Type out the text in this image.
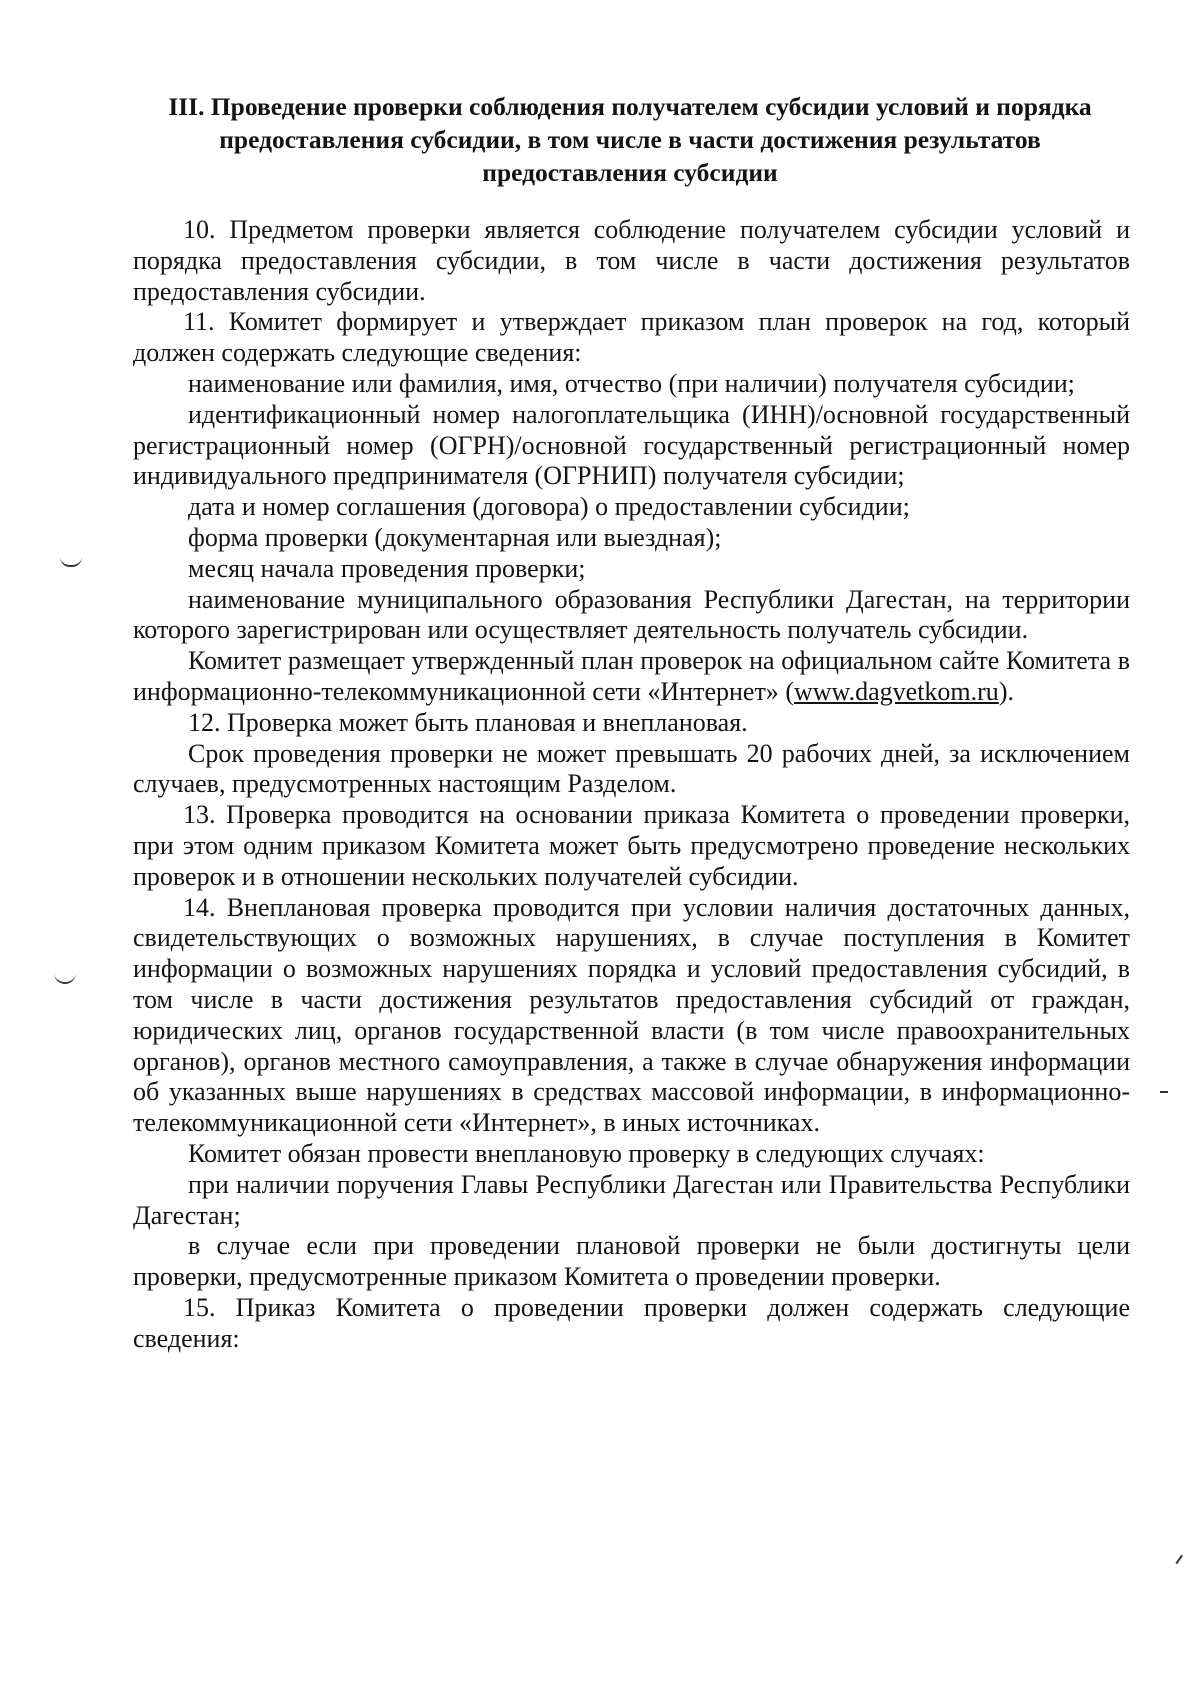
III. Проведение проверки соблюдения получателем субсидии условий и порядка предоставления субсидии, в том числе в части достижения результатов предоставления субсидии

10. Предметом проверки является соблюдение получателем субсидии условий и порядка предоставления субсидии, в том числе в части достижения результатов предоставления субсидии.

11. Комитет формирует и утверждает приказом план проверок на год, который должен содержать следующие сведения:

наименование или фамилия, имя, отчество (при наличии) получателя субсидии;

идентификационный номер налогоплательщика (ИНН)/основной государственный регистрационный номер (ОГРН)/основной государственный регистрационный номер индивидуального предпринимателя (ОГРНИП) получателя субсидии;

дата и номер соглашения (договора) о предоставлении субсидии;

форма проверки (документарная или выездная);

месяц начала проведения проверки;

наименование муниципального образования Республики Дагестан, на территории которого зарегистрирован или осуществляет деятельность получатель субсидии.

Комитет размещает утвержденный план проверок на официальном сайте Комитета в информационно-телекоммуникационной сети «Интернет» (www.dagvetkom.ru).

12. Проверка может быть плановая и внеплановая.

Срок проведения проверки не может превышать 20 рабочих дней, за исключением случаев, предусмотренных настоящим Разделом.

13. Проверка проводится на основании приказа Комитета о проведении проверки, при этом одним приказом Комитета может быть предусмотрено проведение нескольких проверок и в отношении нескольких получателей субсидии.

14. Внеплановая проверка проводится при условии наличия достаточных данных, свидетельствующих о возможных нарушениях, в случае поступления в Комитет информации о возможных нарушениях порядка и условий предоставления субсидий, в том числе в части достижения результатов предоставления субсидий от граждан, юридических лиц, органов государственной власти (в том числе правоохранительных органов), органов местного самоуправления, а также в случае обнаружения информации об указанных выше нарушениях в средствах массовой информации, в информационно-телекоммуникационной сети «Интернет», в иных источниках.

Комитет обязан провести внеплановую проверку в следующих случаях:

при наличии поручения Главы Республики Дагестан или Правительства Республики Дагестан;

в случае если при проведении плановой проверки не были достигнуты цели проверки, предусмотренные приказом Комитета о проведении проверки.

15. Приказ Комитета о проведении проверки должен содержать следующие сведения:
